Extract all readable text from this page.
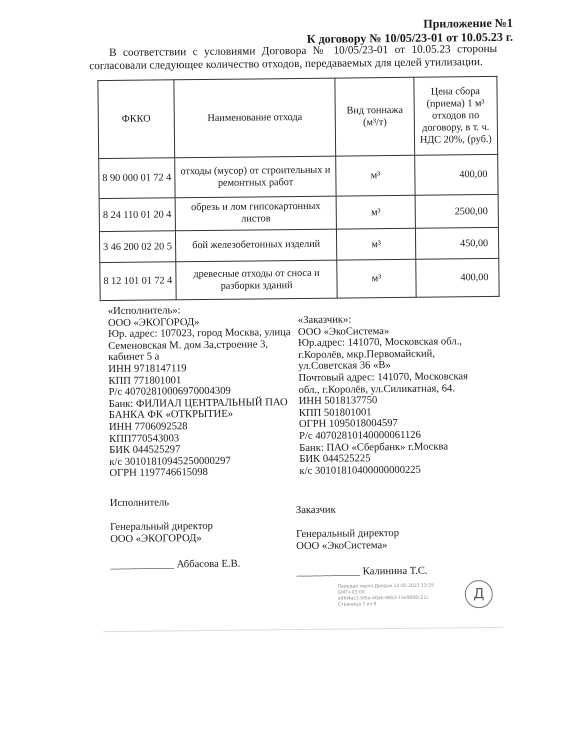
Приложение №1
К договору № 10/05/23-01 от 10.05.23 г.
В соответствии с условиями Договора № 10/05/23-01 от 10.05.23 стороны согласовали следующее количество отходов, передаваемых для целей утилизации.
ФККО	Наименование отхода	Вид тоннажа (м³/т)	Цена сбора (приема) 1 м³ отходов по договору, в т. ч. НДС 20%, (руб.)
8 90 000 01 72 4	отходы (мусор) от строительных и ремонтных работ	м³	400,00
8 24 110 01 20 4	обрезь и лом гипсокартонных листов	м³	2500,00
3 46 200 02 20 5	бой железобетонных изделий	м³	450,00
8 12 101 01 72 4	древесные отходы от сноса и разборки зданий	м³	400,00
«Исполнитель»:
ООО «ЭКОГОРОД»
Юр. адрес: 107023, город Москва, улица
Семеновская М. дом 3а,строение 3,
кабинет 5 а
ИНН 9718147119
КПП 771801001
Р/с 40702810006970004309
Банк: ФИЛИАЛ ЦЕНТРАЛЬНЫЙ ПАО
БАНКА ФК «ОТКРЫТИЕ»
ИНН 7706092528
КПП770543003
БИК 044525297
к/с 30101810945250000297
ОГРН 1197746615098
«Заказчик»:
ООО «ЭкоСистема»
Юр.адрес: 141070, Московская обл.,
г.Королёв, мкр.Первомайский,
ул.Советская 36 «В»
Почтовый адрес: 141070, Московская
обл., г.Королёв, ул.Силикатная, 64.
ИНН 5018137750
КПП 501801001
ОГРН 1095018004597
Р/с 40702810140000061126
Банк: ПАО «Сбербанк» г.Москва
БИК 044525225
к/с 30101810400000000225
Исполнитель
Генеральный директор
ООО «ЭКОГОРОД»
____________ Аббасова Е.В.
Заказчик
Генеральный директор
ООО «ЭкоСистема»
____________ Калинина Т.С.
Передан через Диадок 12.05.2023 13:25 GMT+03:00
e0fd4ac1-bf5a-40ab-8853-15e9006c21c
Страница 7 из 9
Д
